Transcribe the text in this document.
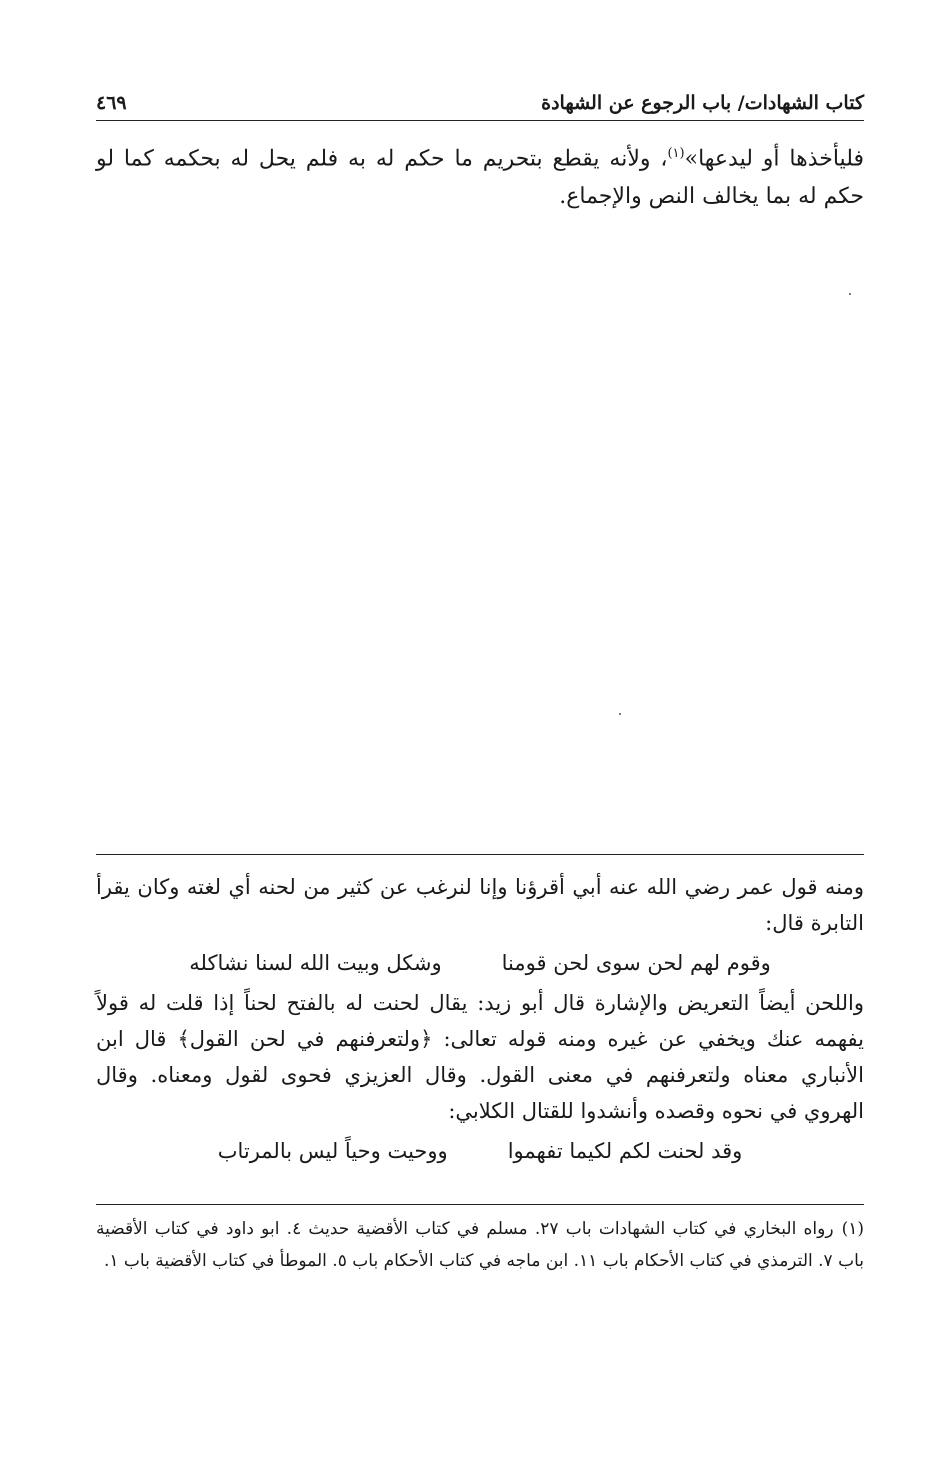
كتاب الشهادات/ باب الرجوع عن الشهادة
٤٦٩

فليأخذها أو ليدعها»$^{(١)}$، ولأنه يقطع بتحريم ما حكم له به فلم يحل له بحكمه كما لو حكم له بما يخالف النص والإجماع.

ومنه قول عمر رضي الله عنه أبي أقرؤنا وإنا لنرغب عن كثير من لحنه أي لغته وكان يقرأ التابرة قال:

وقوم لهم لحن سوى لحن قومنا
وشكل وبيت الله لسنا نشاكله

واللحن أيضاً التعريض والإشارة قال أبو زيد: يقال لحنت له بالفتح لحناً إذا قلت له قولاً يفهمه عنك ويخفي عن غيره ومنه قوله تعالى: ﴿ولتعرفنهم في لحن القول﴾ قال ابن الأنباري معناه ولتعرفنهم في معنى القول. وقال العزيزي فحوى لقول ومعناه. وقال الهروي في نحوه وقصده وأنشدوا للقتال الكلابي:

وقد لحنت لكم لكيما تفهموا
ووحيت وحياً ليس بالمرتاب
(١)رواه البخاري في كتاب الشهادات باب ٢٧. مسلم في كتاب الأقضية حديث ٤. ابو داود في كتاب الأقضية باب ٧. الترمذي في كتاب الأحكام باب ١١. ابن ماجه في كتاب الأحكام باب ٥. الموطأ في كتاب الأقضية باب ١.
